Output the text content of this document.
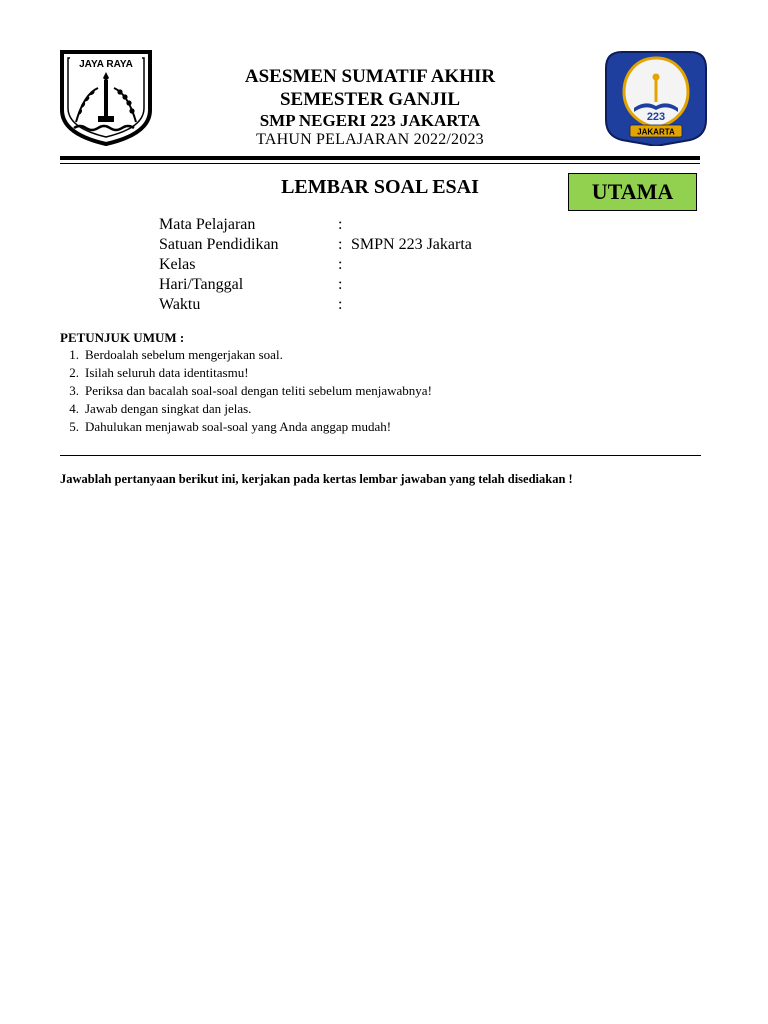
JAYA RAYA
ASESMEN SUMATIF AKHIR
SEMESTER GANJIL
SMP NEGERI 223 JAKARTA
TAHUN PELAJARAN 2022/2023
223
JAKARTA
LEMBAR SOAL ESAI	UTAMA
Mata Pelajaran	:
Satuan Pendidikan	: SMPN 223 Jakarta
Kelas	:
Hari/Tanggal	:
Waktu	:
PETUNJUK UMUM :
1. Berdoalah sebelum mengerjakan soal.
2. Isilah seluruh data identitasmu!
3. Periksa dan bacalah soal-soal dengan teliti sebelum menjawabnya!
4. Jawab dengan singkat dan jelas.
5. Dahulukan menjawab soal-soal yang Anda anggap mudah!
Jawablah pertanyaan berikut ini, kerjakan pada kertas lembar jawaban yang telah disediakan !
